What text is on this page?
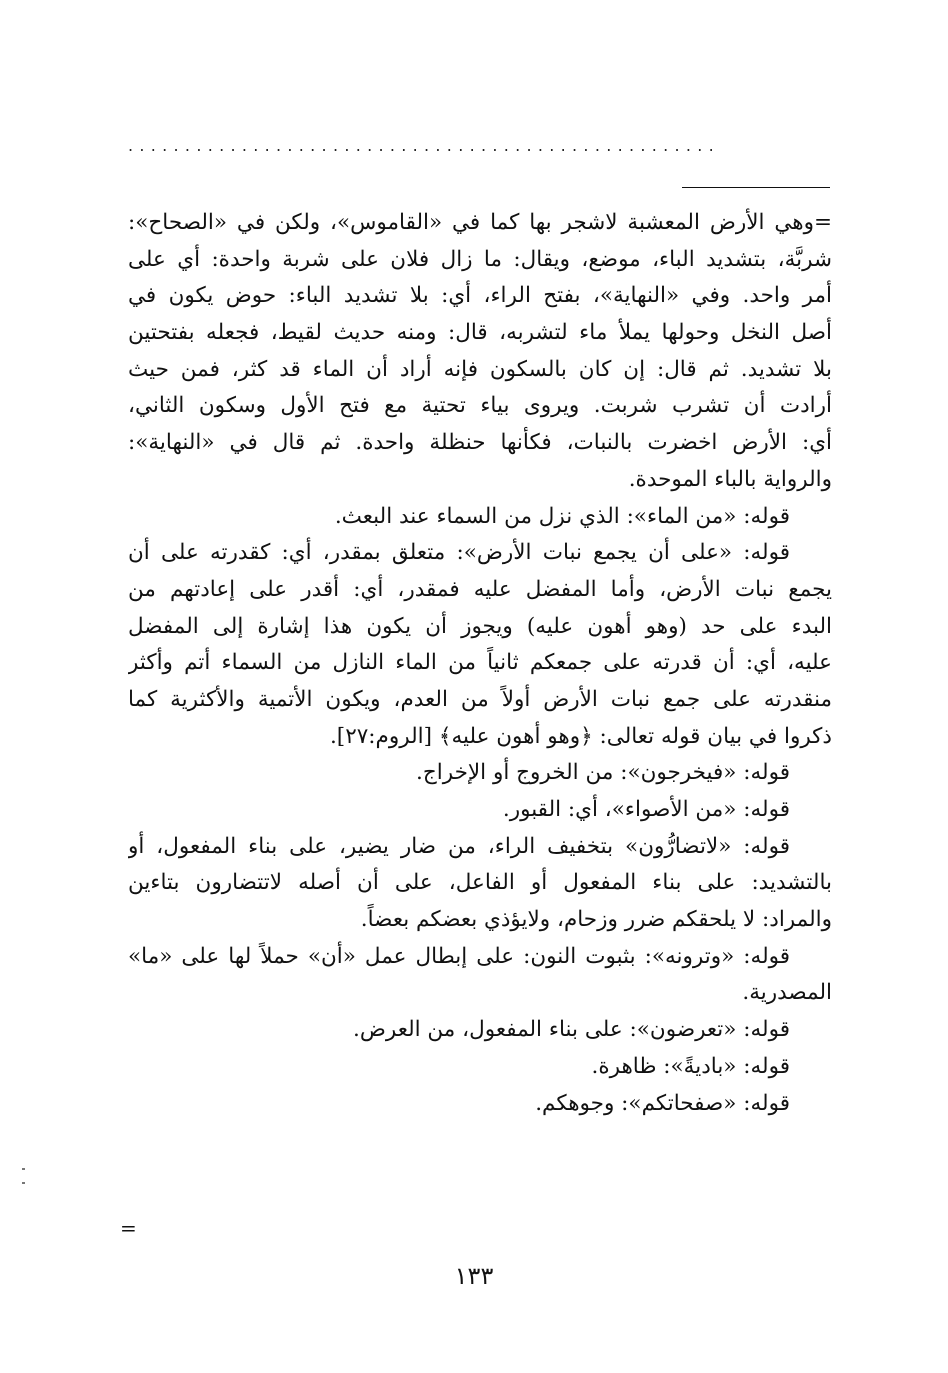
....................................................
=وهي الأرض المعشبة لاشجر بها كما في «القاموس»، ولكن في «الصحاح»:
شربَّة، بتشديد الباء، موضع، ويقال: ما زال فلان على شربة واحدة: أي على
أمر واحد. وفي «النهاية»، بفتح الراء، أي: بلا تشديد الباء: حوض يكون في
أصل النخل وحولها يملأ ماء لتشربه، قال: ومنه حديث لقيط، فجعله بفتحتين
بلا تشديد. ثم قال: إن كان بالسكون فإنه أراد أن الماء قد كثر، فمن حيث
أرادت أن تشرب شربت. ويروى بياء تحتية مع فتح الأول وسكون الثاني،
أي: الأرض اخضرت بالنبات، فكأنها حنظلة واحدة. ثم قال في «النهاية»:
والرواية بالباء الموحدة.
قوله: «من الماء»: الذي نزل من السماء عند البعث.
قوله: «على أن يجمع نبات الأرض»: متعلق بمقدر، أي: كقدرته على أن
يجمع نبات الأرض، وأما المفضل عليه فمقدر، أي: أقدر على إعادتهم من
البدء على حد (وهو أهون عليه) ويجوز أن يكون هذا إشارة إلى المفضل
عليه، أي: أن قدرته على جمعكم ثانياً من الماء النازل من السماء أتم وأكثر
منقدرته على جمع نبات الأرض أولاً من العدم، ويكون الأتمية والأكثرية كما
ذكروا في بيان قوله تعالى: ﴿وهو أهون عليه﴾ [الروم:٢٧].
قوله: «فيخرجون»: من الخروج أو الإخراج.
قوله: «من الأصواء»، أي: القبور.
قوله: «لاتضارُّون» بتخفيف الراء، من ضار يضير، على بناء المفعول، أو
بالتشديد: على بناء المفعول أو الفاعل، على أن أصله لاتتضارون بتاءين
والمراد: لا يلحقكم ضرر وزحام، ولايؤذي بعضكم بعضاً.
قوله: «وترونه»: بثبوت النون: على إبطال عمل «أن» حملاً لها على «ما»
المصدرية.
قوله: «تعرضون»: على بناء المفعول، من العرض.
قوله: «باديةً»: ظاهرة.
قوله: «صفحاتكم»: وجوهكم.
=
١٣٣
